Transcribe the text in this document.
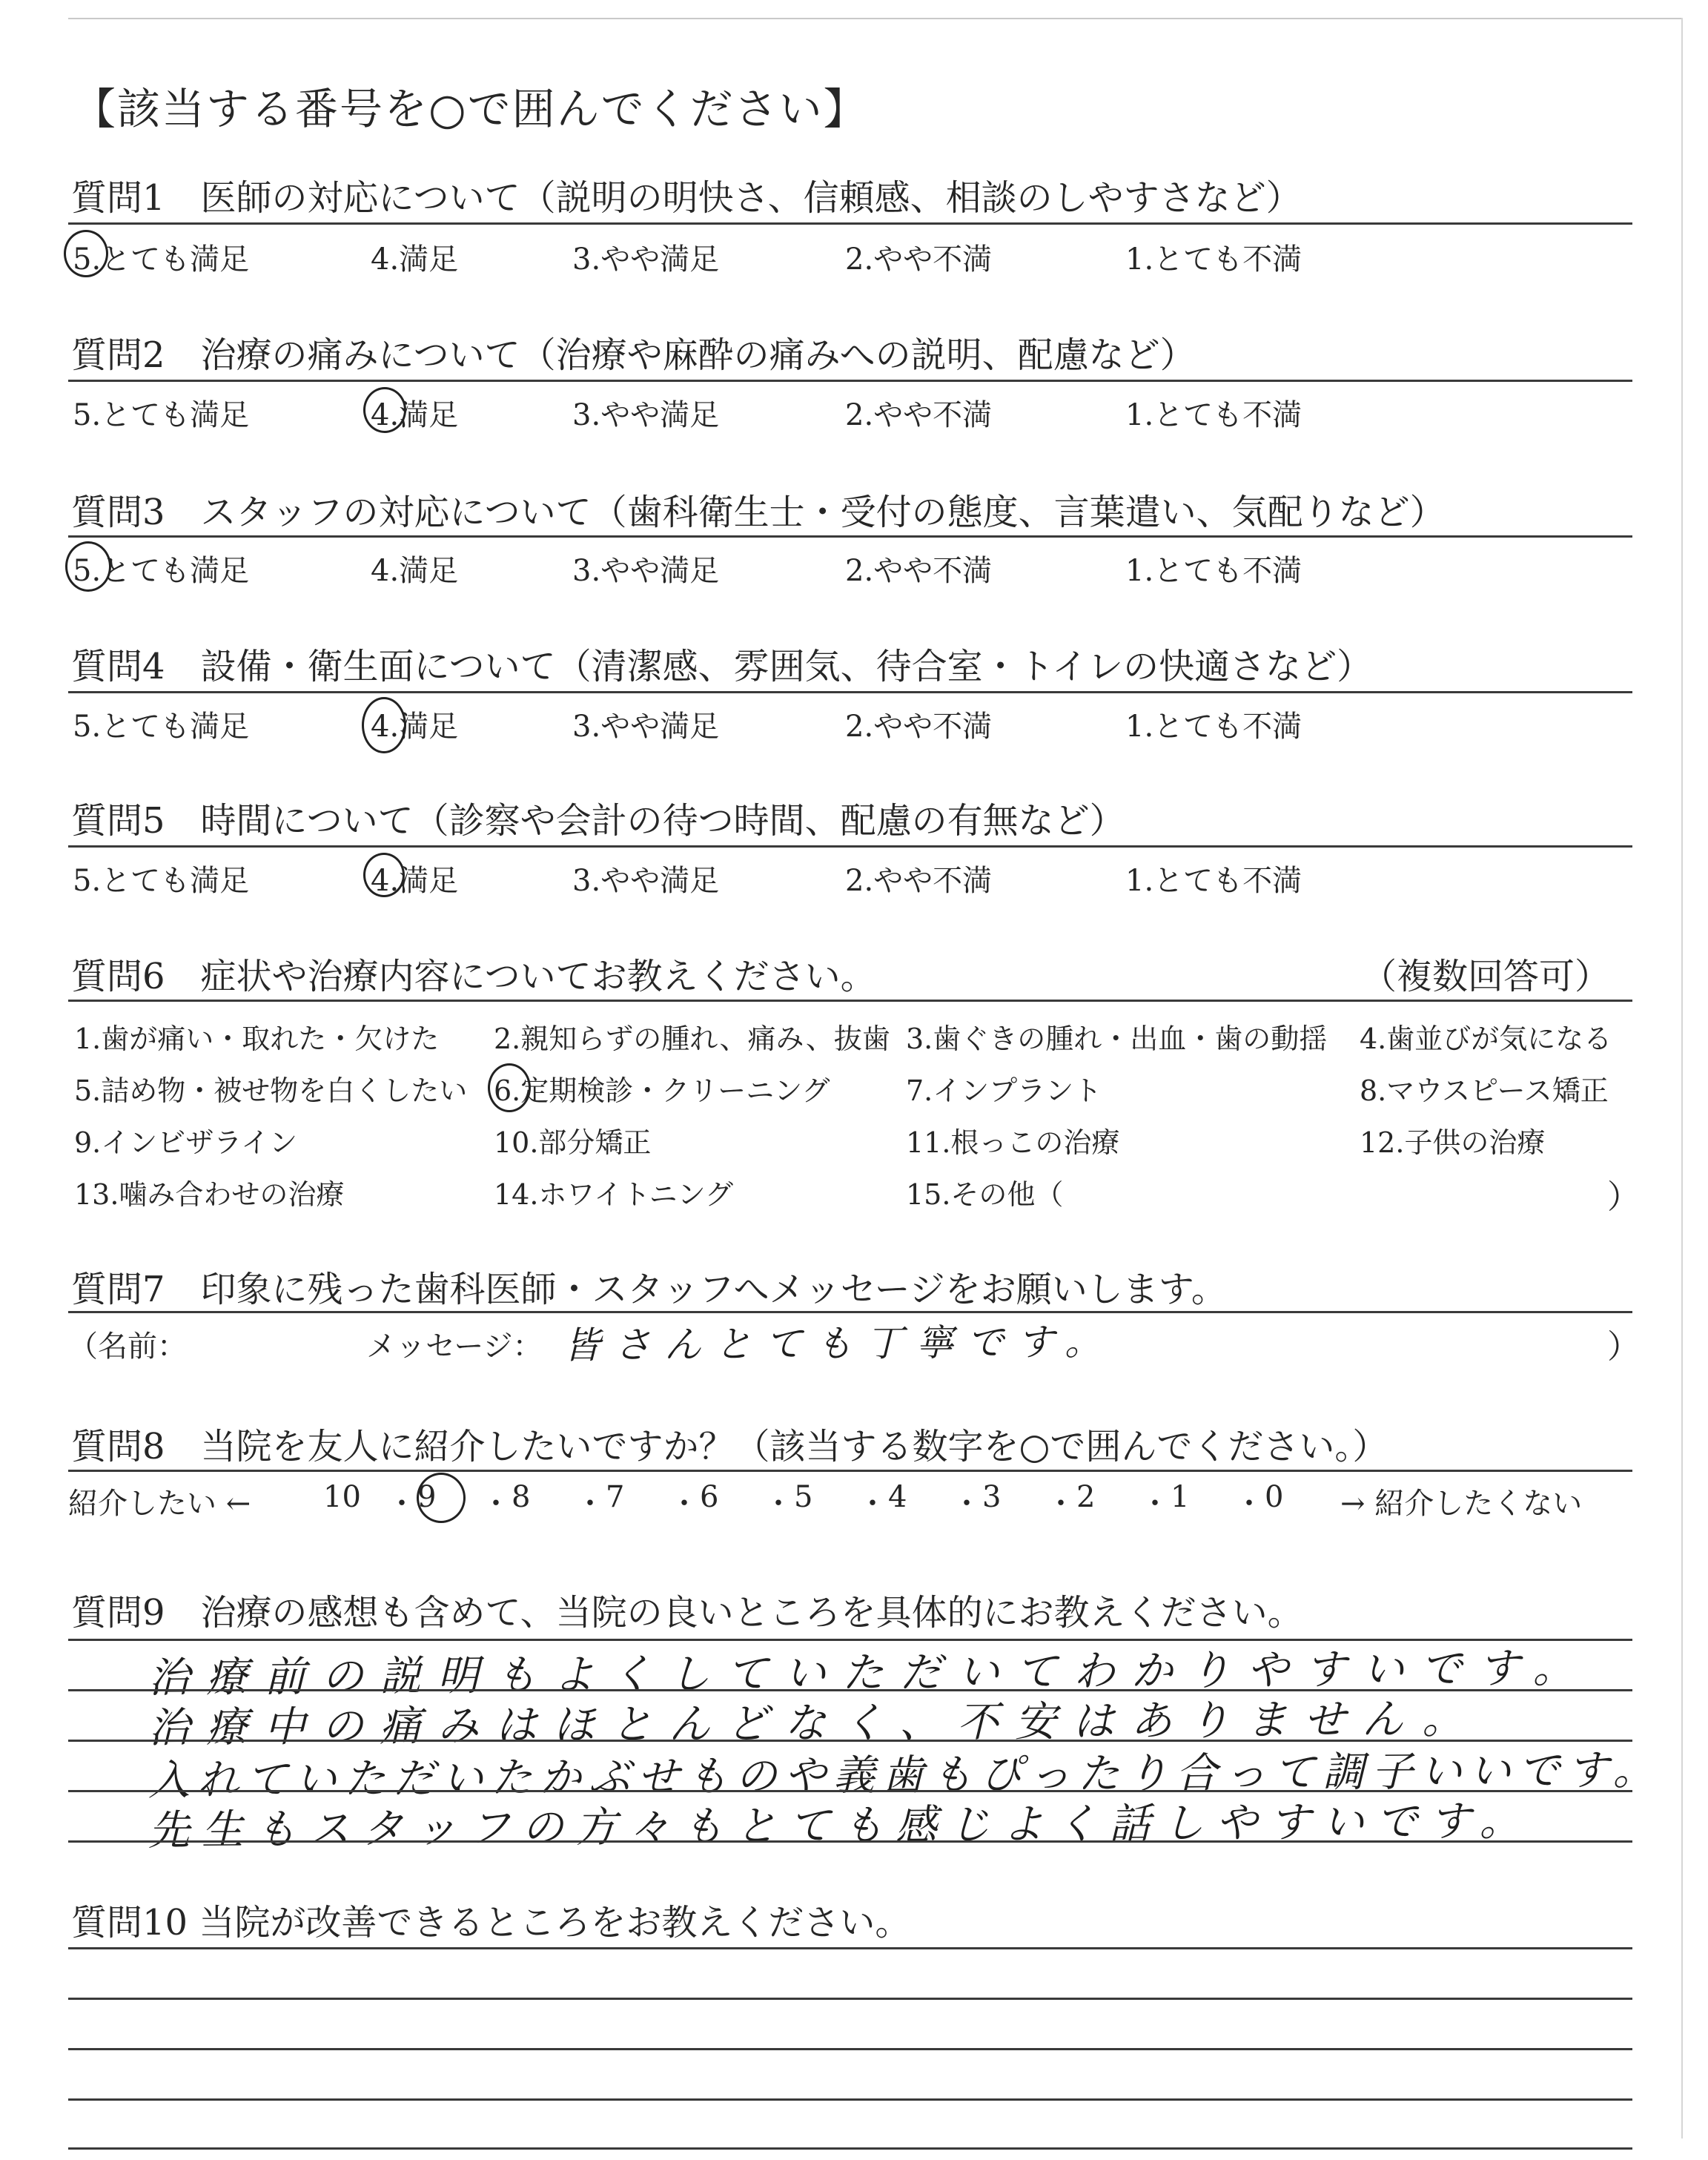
【該当する番号を○で囲んでください】
質問1　医師の対応について（説明の明快さ、信頼感、相談のしやすさなど）
5.とても満足	4.満足	3.やや満足	2.やや不満	1.とても不満
質問2　治療の痛みについて（治療や麻酔の痛みへの説明、配慮など）
5.とても満足	4.満足	3.やや満足	2.やや不満	1.とても不満
質問3　スタッフの対応について（歯科衛生士・受付の態度、言葉遣い、気配りなど）
5.とても満足	4.満足	3.やや満足	2.やや不満	1.とても不満
質問4　設備・衛生面について（清潔感、雰囲気、待合室・トイレの快適さなど）
5.とても満足	4.満足	3.やや満足	2.やや不満	1.とても不満
質問5　時間について（診察や会計の待つ時間、配慮の有無など）
5.とても満足	4.満足	3.やや満足	2.やや不満	1.とても不満
質問6　症状や治療内容についてお教えください。	（複数回答可）
1.歯が痛い・取れた・欠けた 2.親知らずの腫れ、痛み、抜歯 3.歯ぐきの腫れ・出血・歯の動揺 4.歯並びが気になる
5.詰め物・被せ物を白くしたい 6.定期検診・クリーニング	7.インプラント	8.マウスピース矯正
9.インビザライン	10.部分矯正	11.根っこの治療	12.子供の治療
13.噛み合わせの治療	14.ホワイトニング	15.その他（	）
質問7　印象に残った歯科医師・スタッフへメッセージをお願いします。
（名前：	メッセージ： 皆さんとても丁寧です。	）
質問8　当院を友人に紹介したいですか？（該当する数字を○で囲んでください。）
紹介したい ←	→ 紹介したくない
質問9　治療の感想も含めて、当院の良いところを具体的にお教えください。
治療前の説明もよくしていただいてわかりやすいです。
治療中の痛みはほとんどなく、不安はありません。
入れていただいたかぶせものや義歯もぴったり合って調子いいです。
先生もスタッフの方々もとても感じよく話しやすいです。
質問10 当院が改善できるところをお教えください。
10 ・ 9 ・ 8 ・ 7 ・ 6 ・ 5 ・ 4 ・ 3 ・ 2 ・ 1 ・ 0
